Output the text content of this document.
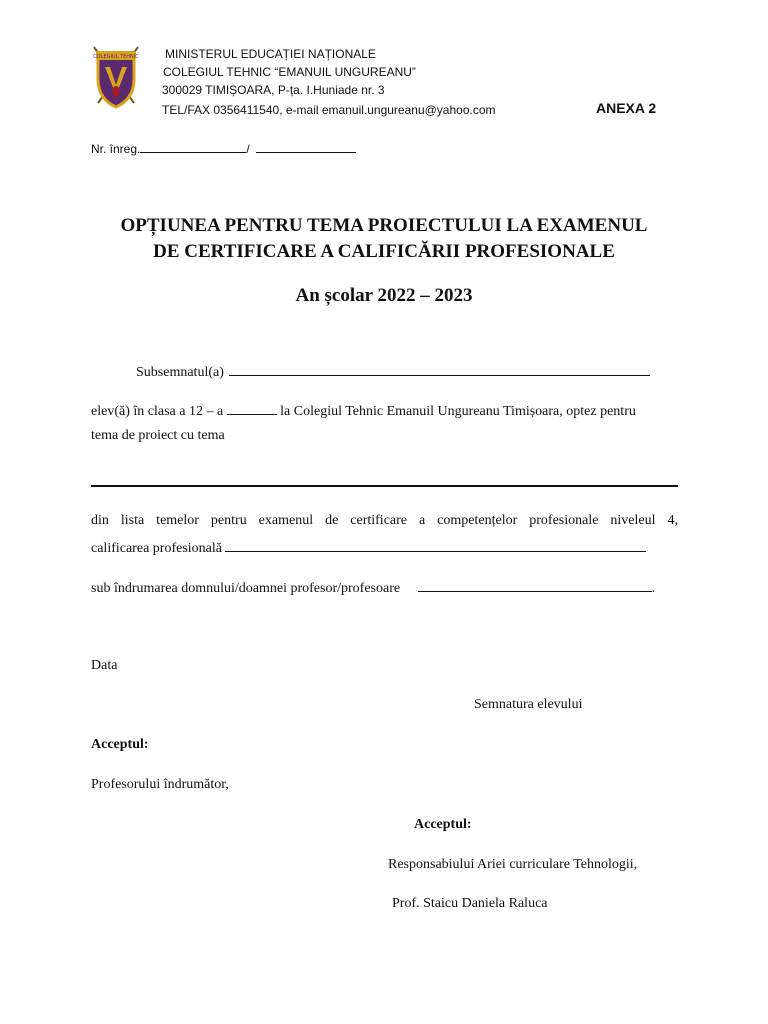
COLEGIUL TEHNIC MINISTERUL EDUCAȚIEI NAȚIONALE
COLEGIUL TEHNIC “EMANUIL UNGUREANU”
300029 TIMIȘOARA, P-ța. I.Huniade nr. 3
TEL/FAX 0356411540, e-mail emanuil.ungureanu@yahoo.com	ANEXA 2
Nr. înreg.	/
OPȚIUNEA PENTRU TEMA PROIECTULUI LA EXAMENUL
DE CERTIFICARE A CALIFICĂRII PROFESIONALE
An școlar 2022 – 2023
Subsemnatul(a)
elev(ă) în clasa a 12 – a	la Colegiul Tehnic Emanuil Ungureanu Timișoara, optez pentru
tema de proiect cu tema
din lista temelor pentru examenul de certificare a competențelor profesionale niveleul 4,
calificarea profesională
sub îndrumarea domnului/doamnei profesor/profesoare	.
Data
Semnatura elevului
Acceptul:
Profesorului îndrumător,
Acceptul:
Responsabiului Ariei curriculare Tehnologii,
Prof. Staicu Daniela Raluca
